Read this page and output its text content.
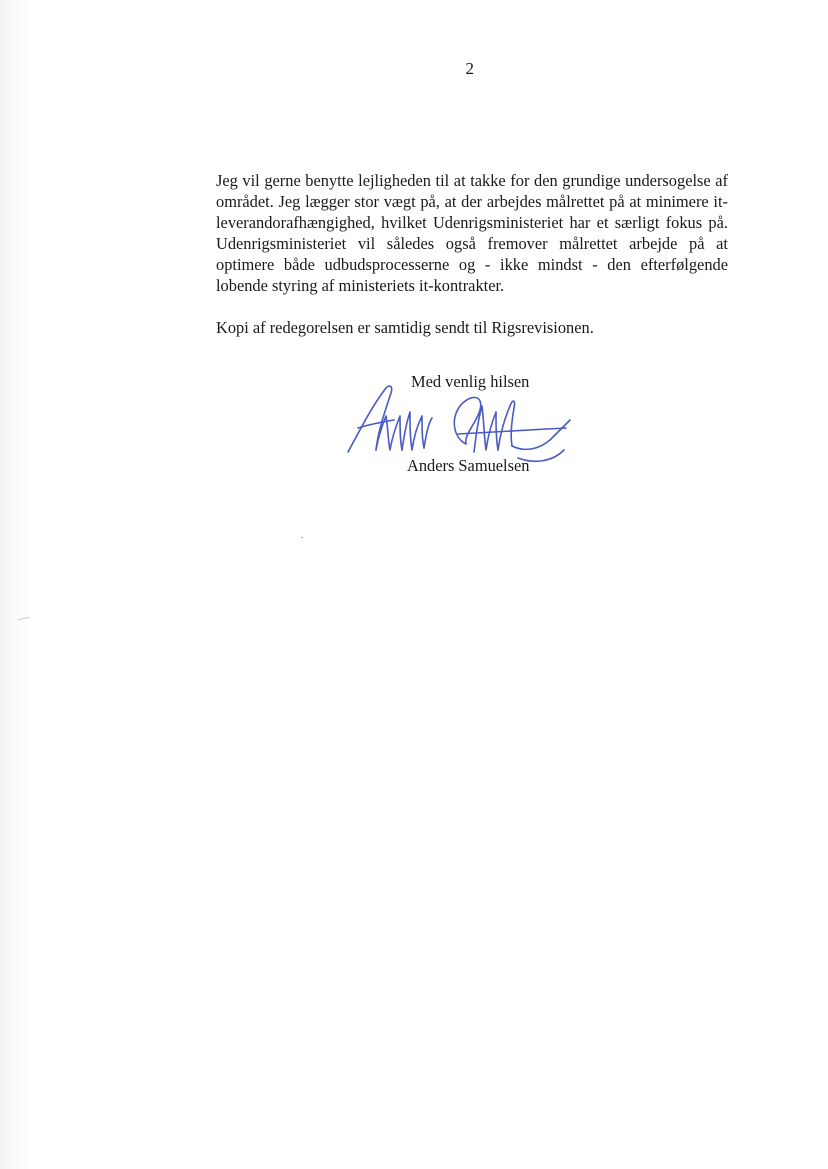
2

Jeg vil gerne benytte lejligheden til at takke for den grundige undersogelse af området. Jeg lægger stor vægt på, at der arbejdes målrettet på at minimere it-leverandorafhængighed, hvilket Udenrigsministeriet har et særligt fokus på. Udenrigsministeriet vil således også fremover målrettet arbejde på at optimere både udbudsprocesserne og - ikke mindst - den efterfølgende lobende styring af ministeriets it-kontrakter.

Kopi af redegorelsen er samtidig sendt til Rigsrevisionen.

Med venlig hilsen
Anders Samuelsen
